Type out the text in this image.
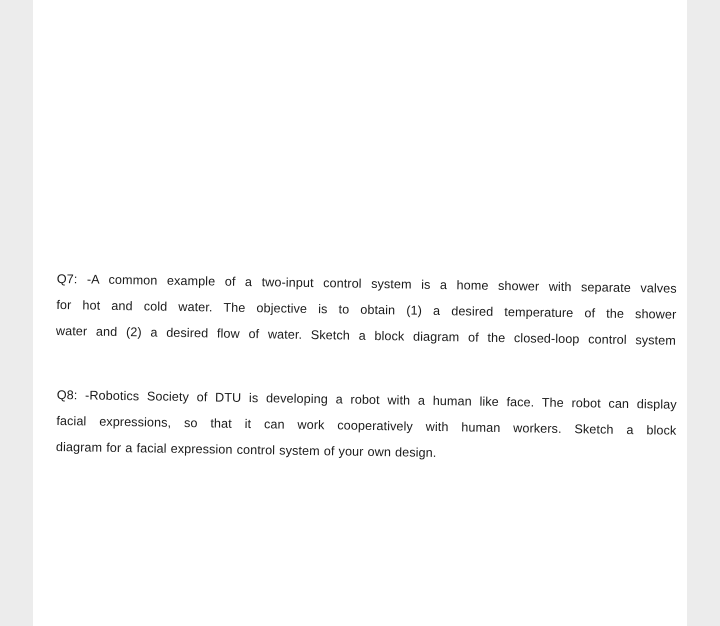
Q7: -A common example of a two-input control system is a home shower with separate valves
for hot and cold water. The objective is to obtain (1) a desired temperature of the shower
water and (2) a desired flow of water. Sketch a block diagram of the closed-loop control system
Q8: -Robotics Society of DTU is developing a robot with a human like face. The robot can display
facial expressions, so that it can work cooperatively with human workers. Sketch a block
diagram for a facial expression control system of your own design.
